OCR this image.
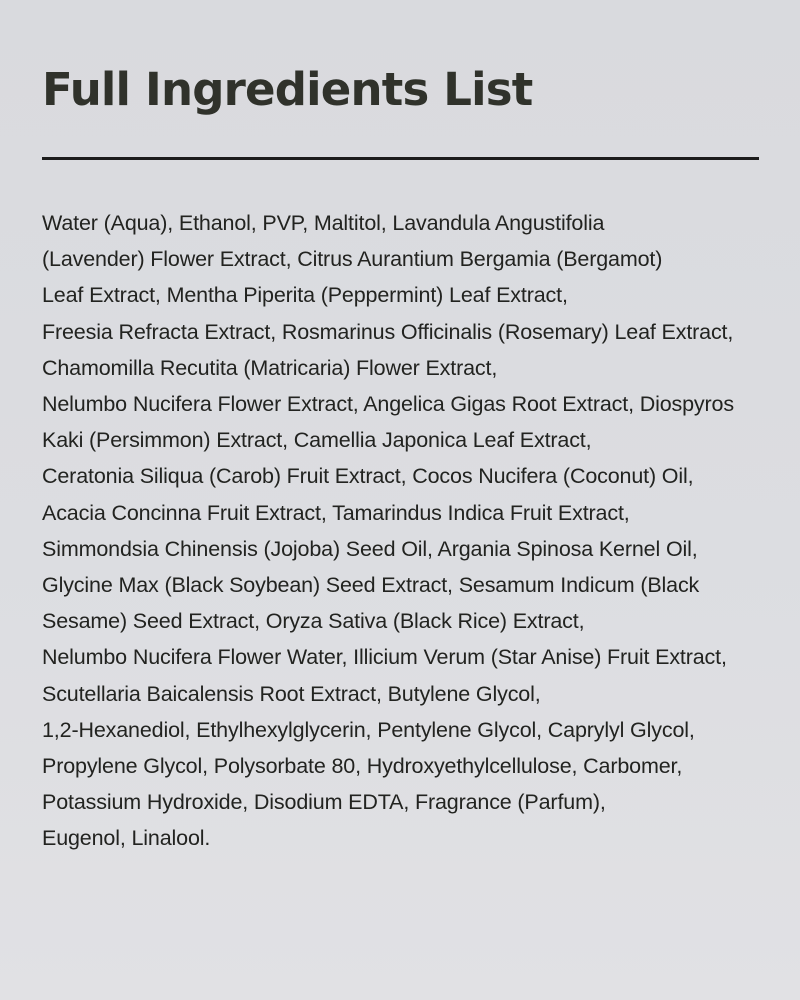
Full Ingredients List
Water (Aqua), Ethanol, PVP, Maltitol, Lavandula Angustifolia
(Lavender) Flower Extract, Citrus Aurantium Bergamia (Bergamot)
Leaf Extract, Mentha Piperita (Peppermint) Leaf Extract,
Freesia Refracta Extract, Rosmarinus Officinalis (Rosemary) Leaf Extract,
Chamomilla Recutita (Matricaria) Flower Extract,
Nelumbo Nucifera Flower Extract, Angelica Gigas Root Extract, Diospyros
Kaki (Persimmon) Extract, Camellia Japonica Leaf Extract,
Ceratonia Siliqua (Carob) Fruit Extract, Cocos Nucifera (Coconut) Oil,
Acacia Concinna Fruit Extract, Tamarindus Indica Fruit Extract,
Simmondsia Chinensis (Jojoba) Seed Oil, Argania Spinosa Kernel Oil,
Glycine Max (Black Soybean) Seed Extract, Sesamum Indicum (Black
Sesame) Seed Extract, Oryza Sativa (Black Rice) Extract,
Nelumbo Nucifera Flower Water, Illicium Verum (Star Anise) Fruit Extract,
Scutellaria Baicalensis Root Extract, Butylene Glycol,
1,2-Hexanediol, Ethylhexylglycerin, Pentylene Glycol, Caprylyl Glycol,
Propylene Glycol, Polysorbate 80, Hydroxyethylcellulose, Carbomer,
Potassium Hydroxide, Disodium EDTA, Fragrance (Parfum),
Eugenol, Linalool.
